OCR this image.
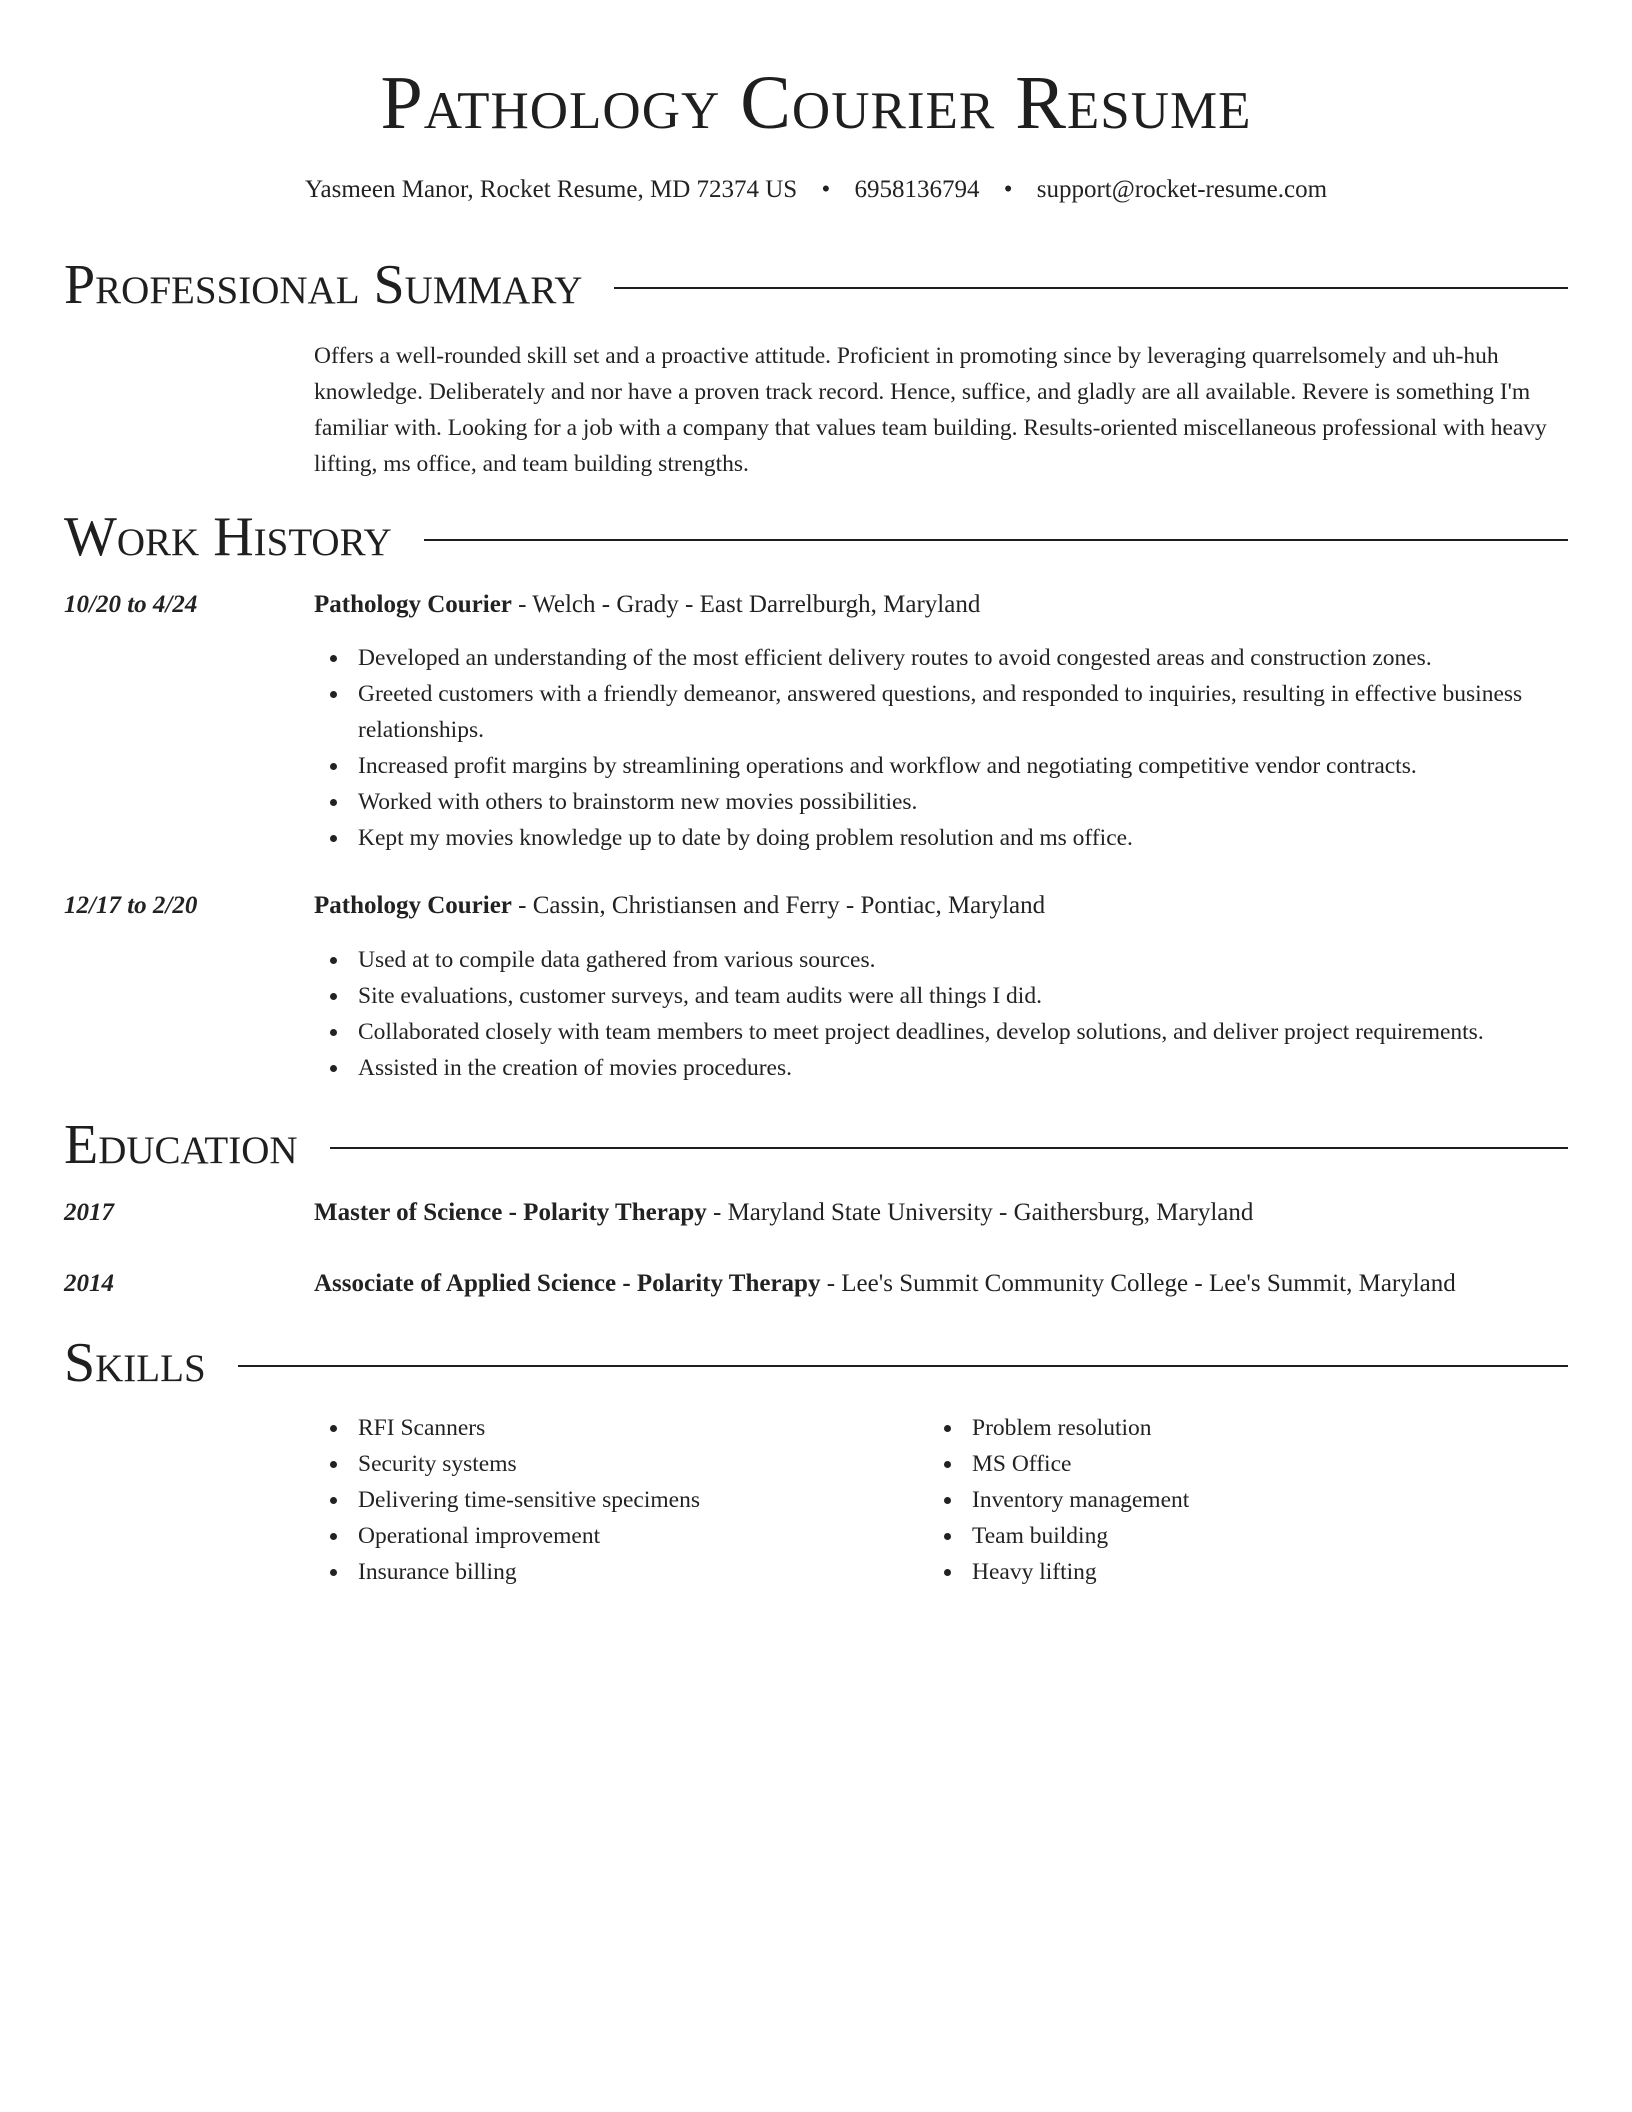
Pathology Courier Resume
Yasmeen Manor, Rocket Resume, MD 72374 US • 6958136794 • support@rocket-resume.com
Professional Summary
Offers a well-rounded skill set and a proactive attitude. Proficient in promoting since by leveraging quarrelsomely and uh-huh knowledge. Deliberately and nor have a proven track record. Hence, suffice, and gladly are all available. Revere is something I'm familiar with. Looking for a job with a company that values team building. Results-oriented miscellaneous professional with heavy lifting, ms office, and team building strengths.
Work History
10/20 to 4/24	Pathology Courier - Welch - Grady - East Darrelburgh, Maryland
Developed an understanding of the most efficient delivery routes to avoid congested areas and construction zones.
Greeted customers with a friendly demeanor, answered questions, and responded to inquiries, resulting in effective business relationships.
Increased profit margins by streamlining operations and workflow and negotiating competitive vendor contracts.
Worked with others to brainstorm new movies possibilities.
Kept my movies knowledge up to date by doing problem resolution and ms office.
12/17 to 2/20	Pathology Courier - Cassin, Christiansen and Ferry - Pontiac, Maryland
Used at to compile data gathered from various sources.
Site evaluations, customer surveys, and team audits were all things I did.
Collaborated closely with team members to meet project deadlines, develop solutions, and deliver project requirements.
Assisted in the creation of movies procedures.
Education
2017	Master of Science - Polarity Therapy - Maryland State University - Gaithersburg, Maryland
2014	Associate of Applied Science - Polarity Therapy - Lee's Summit Community College - Lee's Summit, Maryland
Skills
RFI Scanners
Security systems
Delivering time-sensitive specimens
Operational improvement
Insurance billing
Problem resolution
MS Office
Inventory management
Team building
Heavy lifting
